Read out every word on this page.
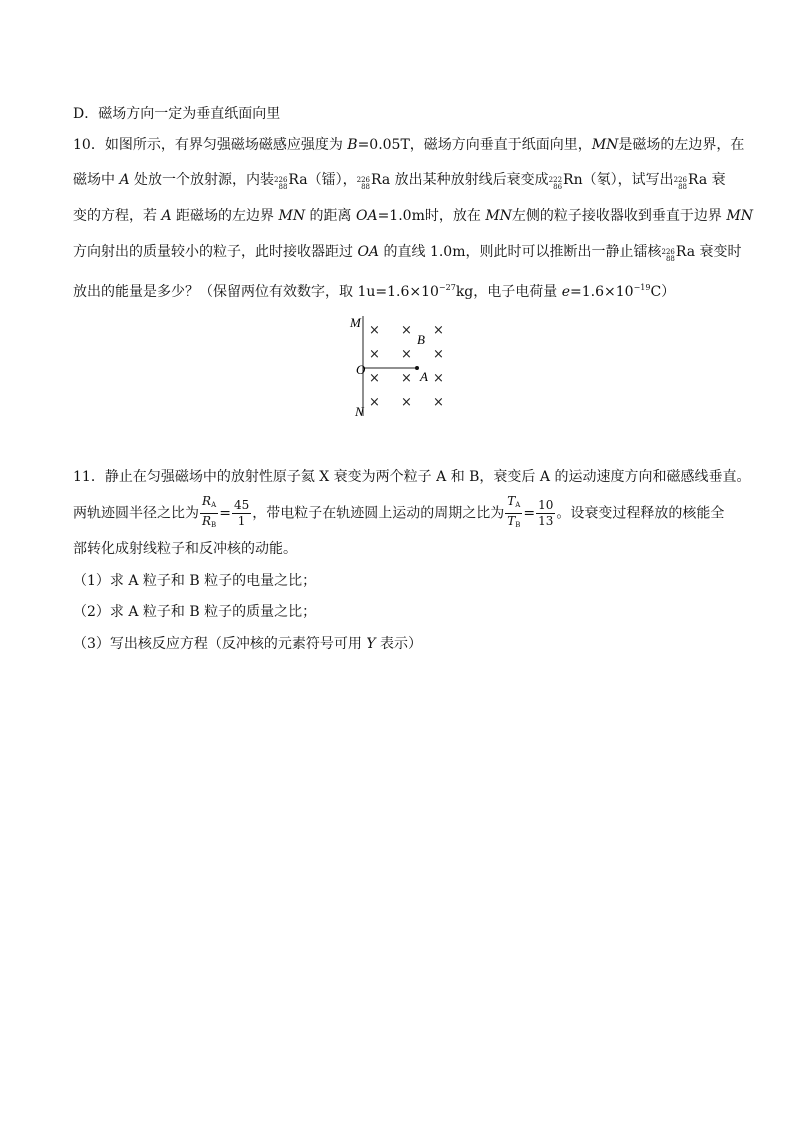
D．磁场方向一定为垂直纸面向里
10．如图所示，有界匀强磁场磁感应强度为 B=0.05T，磁场方向垂直于纸面向里，MN是磁场的左边界，在
磁场中 A 处放一个放射源，内装 226
88 Ra（镭）， 226
88 Ra 放出某种放射线后衰变成 222
86 Rn（氡），试写出 226
88 Ra 衰
变的方程，若 A 距磁场的左边界 MN 的距离 OA=1.0m时，放在 MN左侧的粒子接收器收到垂直于边界 MN
方向射出的质量较小的粒子，此时接收器距过 OA 的直线 1.0m，则此时可以推断出一静止镭核 226
88 Ra 衰变时
放出的能量是多少？（保留两位有效数字，取 $1u=1.6\times 10^{-27}kg$，电子电荷量 $e=1.6\times 10^{-19}C$）
M
O
N
B
A
× × ×
× × ×
× × ×
× × ×
11．静止在匀强磁场中的放射性原子氦 X 衰变为两个粒子 A 和 B，衰变后 A 的运动速度方向和磁感线垂直。
两轨迹圆半径之比为 $\frac{R_A}{R_B} = \frac{45}{1}$ ，带电粒子在轨迹圆上运动的周期之比为 $\frac{T_A}{T_B} = \frac{10}{13}$ 。设衰变过程释放的核能全
部转化成射线粒子和反冲核的动能。
（1）求 A 粒子和 B 粒子的电量之比；
（2）求 A 粒子和 B 粒子的质量之比；
（3）写出核反应方程（反冲核的元素符号可用 Y 表示）
